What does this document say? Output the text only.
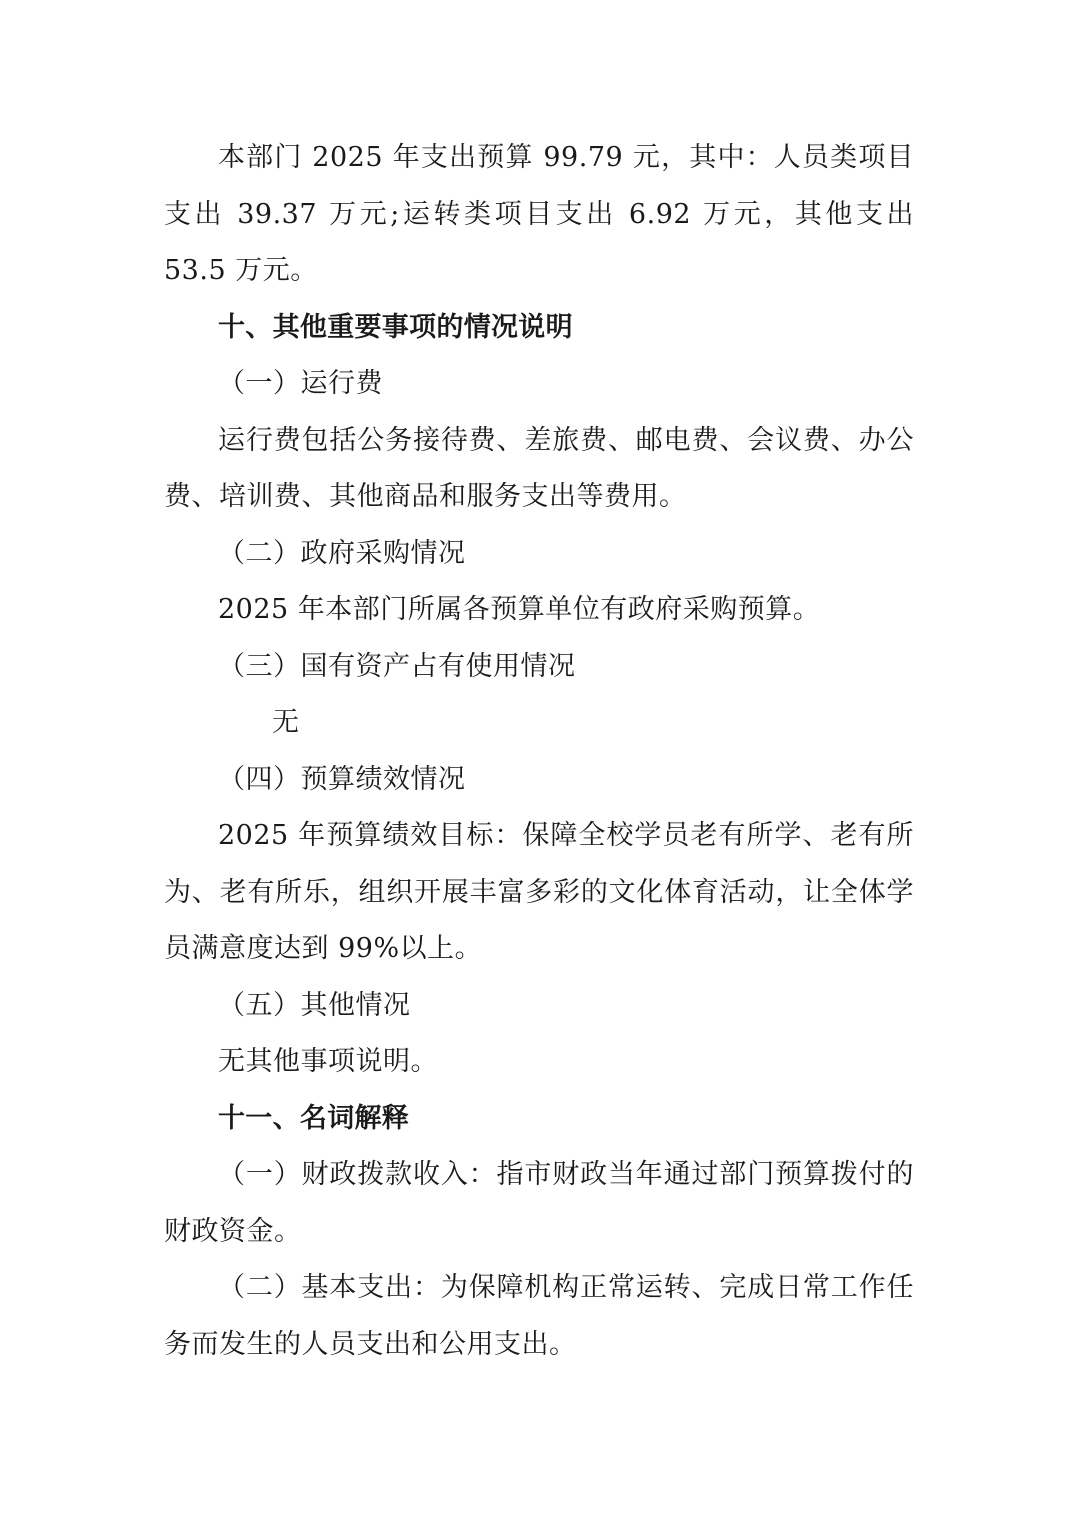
本部门 2025 年支出预算 99.79 元，其中：人员类项目支出 39.37 万元;运转类项目支出 6.92 万元，其他支出 53.5 万元。

十、其他重要事项的情况说明

（一）运行费

运行费包括公务接待费、差旅费、邮电费、会议费、办公费、培训费、其他商品和服务支出等费用。

（二）政府采购情况

2025 年本部门所属各预算单位有政府采购预算。

（三）国有资产占有使用情况

无

（四）预算绩效情况

2025 年预算绩效目标：保障全校学员老有所学、老有所为、老有所乐，组织开展丰富多彩的文化体育活动，让全体学员满意度达到 99%以上。

（五）其他情况

无其他事项说明。

十一、名词解释

（一）财政拨款收入：指市财政当年通过部门预算拨付的财政资金。

（二）基本支出：为保障机构正常运转、完成日常工作任务而发生的人员支出和公用支出。
